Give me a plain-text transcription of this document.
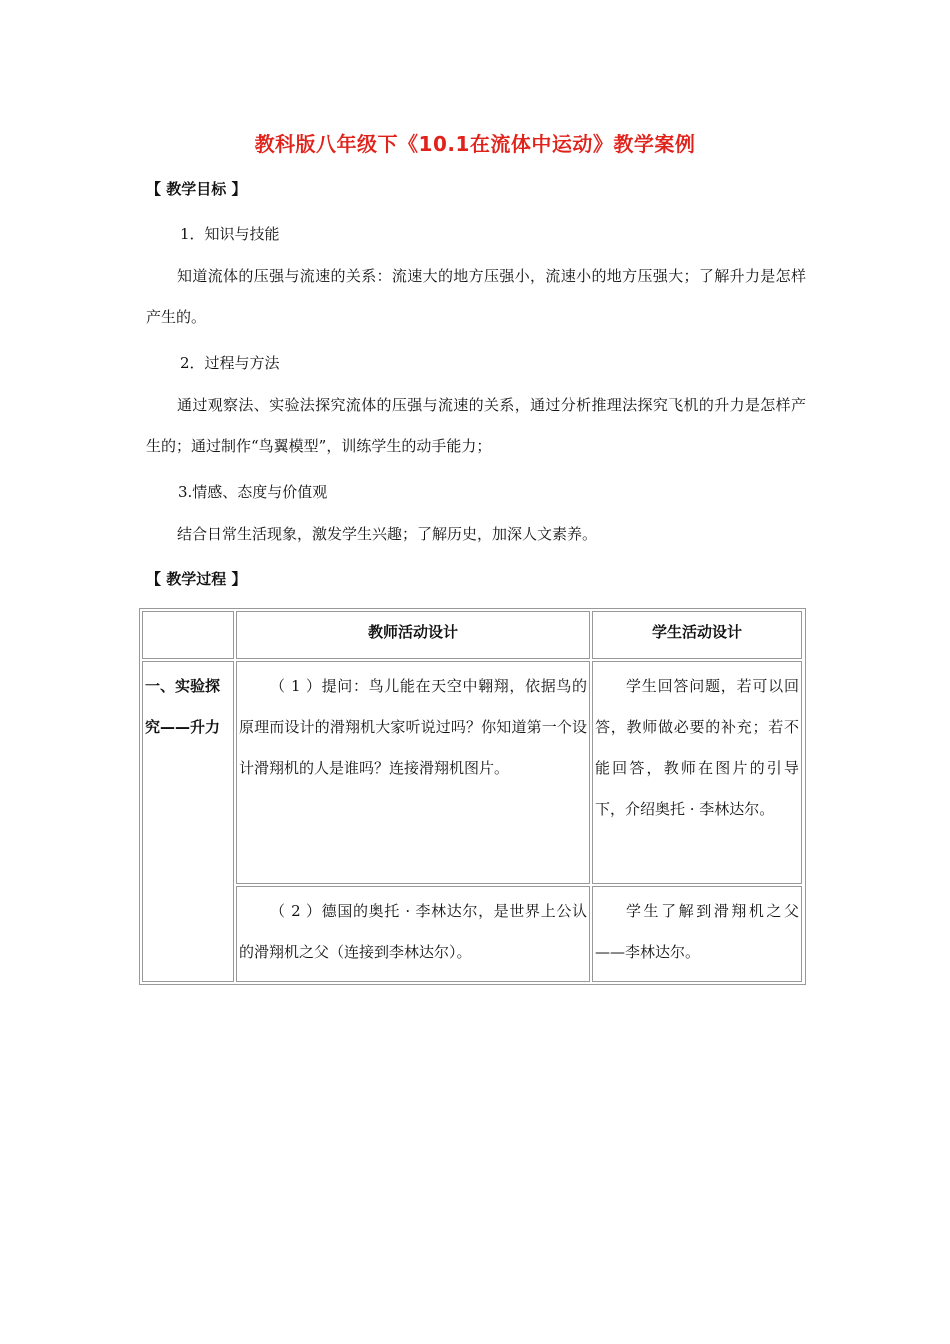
教科版八年级下《10.1在流体中运动》教学案例
【 教学目标 】
1．知识与技能
知道流体的压强与流速的关系：流速大的地方压强小，流速小的地方压强大；了解升力是怎样产生的。
2．过程与方法
通过观察法、实验法探究流体的压强与流速的关系，通过分析推理法探究飞机的升力是怎样产生的；通过制作“鸟翼模型”，训练学生的动手能力；
3.情感、态度与价值观
结合日常生活现象，激发学生兴趣；了解历史，加深人文素养。
【 教学过程 】
教师活动设计	学生活动设计
一、实验探究——升力
（ 1 ）提问：鸟儿能在天空中翱翔，依据鸟的原理而设计的滑翔机大家听说过吗？你知道第一个设计滑翔机的人是谁吗？连接滑翔机图片。
学生回答问题，若可以回答，教师做必要的补充；若不能回答，教师在图片的引导下，介绍奥托 · 李林达尔。
（ 2 ）德国的奥托 · 李林达尔，是世界上公认的滑翔机之父（连接到李林达尔）。
学生了解到滑翔机之父——李林达尔。
